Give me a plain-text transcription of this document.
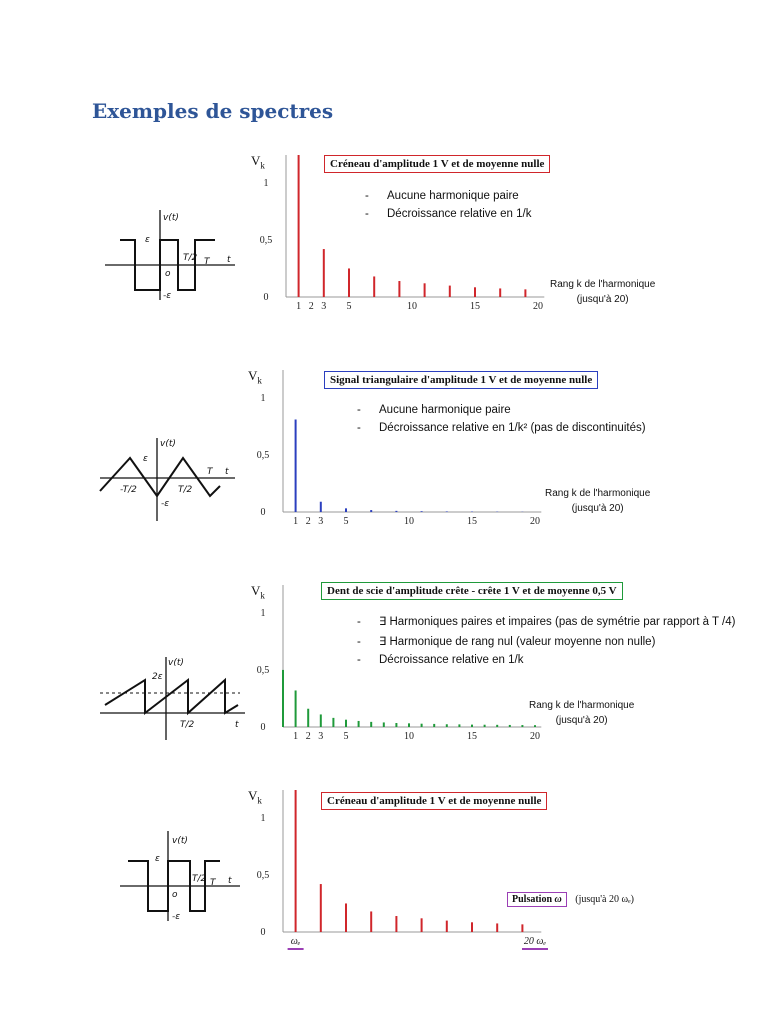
Exemples de spectres
v(t)
ε
-ε
T/2 T t
o
$V_k$
1
0,5
0
1 2 3 5	10	15	20
Créneau d'amplitude 1 V et de moyenne nulle
- Aucune harmonique paire
- Décroissance relative en 1/k
Rang k de l'harmonique
(jusqu'à 20)
v(t)
ε
-ε
-T/2	T/2
T t
$V_k$
1
0,5
0
1 2 3 5	10	15	20
Signal triangulaire d'amplitude 1 V et de moyenne nulle
- Aucune harmonique paire
- Décroissance relative en 1/k² (pas de discontinuités)
Rang k de l'harmonique
(jusqu'à 20)
v(t)
2ε
T/2	t
$V_k$
1
0,5
0
1 2 3 5	10	15	20
Dent de scie d'amplitude crête - crête 1 V et de moyenne 0,5 V
- ∃ Harmoniques paires et impaires (pas de symétrie par rapport à T /4)
- ∃ Harmonique de rang nul (valeur moyenne non nulle)
- Décroissance relative en 1/k
Rang k de l'harmonique
(jusqu'à 20)
v(t)
ε
-ε
T/2 T t
o
$V_k$
1
0,5
0
ωₑ	20 ωₑ
Créneau d'amplitude 1 V et de moyenne nulle
Pulsation ω (jusqu'à 20 ωₑ)
